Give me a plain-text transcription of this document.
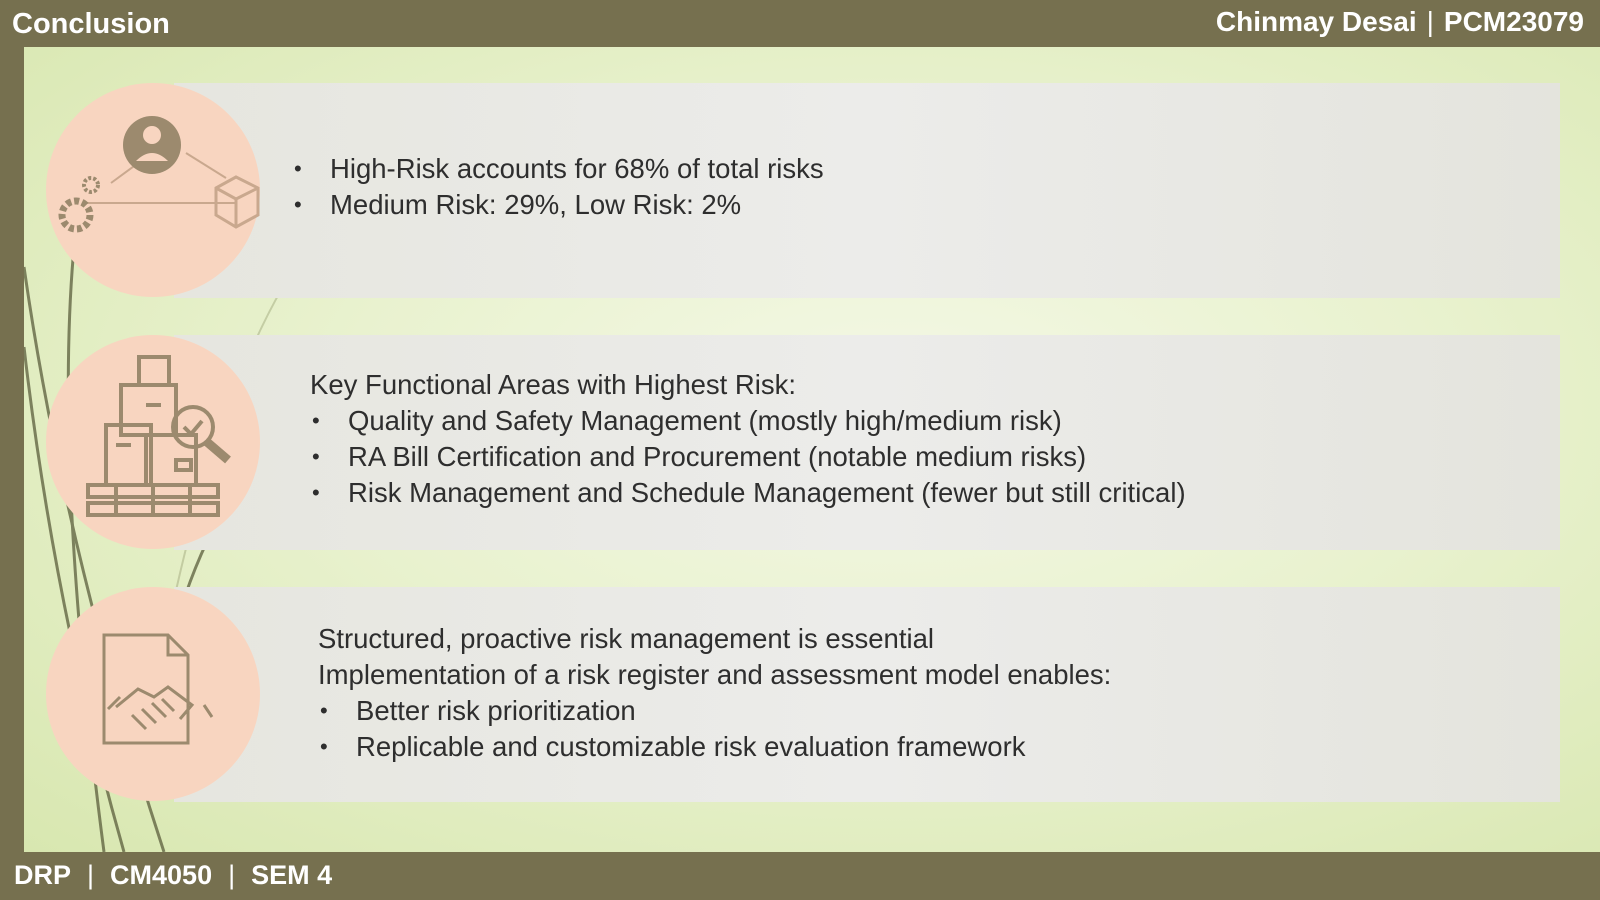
Conclusion	Chinmay Desai | PCM23079
• High-Risk accounts for 68% of total risks
• Medium Risk: 29%, Low Risk: 2%
Key Functional Areas with Highest Risk:
• Quality and Safety Management (mostly high/medium risk)
• RA Bill Certification and Procurement (notable medium risks)
• Risk Management and Schedule Management (fewer but still critical)
Structured, proactive risk management is essential
Implementation of a risk register and assessment model enables:
• Better risk prioritization
• Replicable and customizable risk evaluation framework
DRP | CM4050 | SEM 4
